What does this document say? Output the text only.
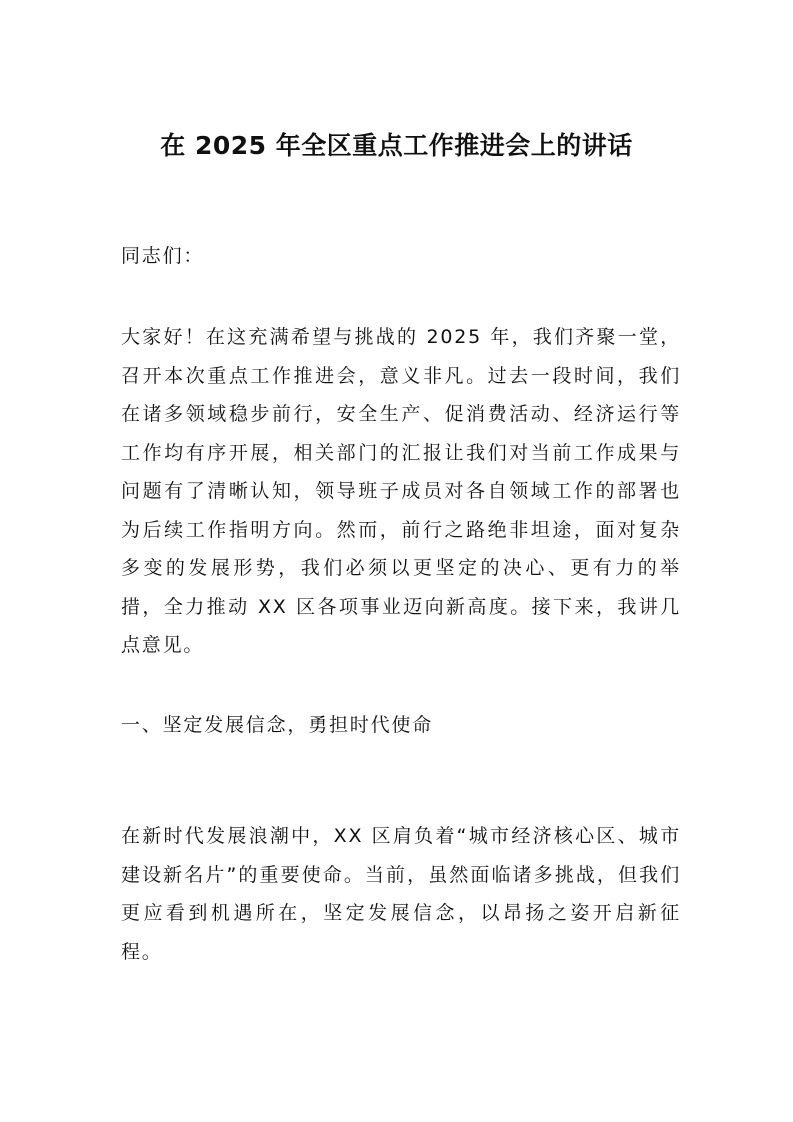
在 2025 年全区重点工作推进会上的讲话

同志们：

大家好！在这充满希望与挑战的 2025 年，我们齐聚一堂，召开本次重点工作推进会，意义非凡。过去一段时间，我们在诸多领域稳步前行，安全生产、促消费活动、经济运行等工作均有序开展，相关部门的汇报让我们对当前工作成果与问题有了清晰认知，领导班子成员对各自领域工作的部署也为后续工作指明方向。然而，前行之路绝非坦途，面对复杂多变的发展形势，我们必须以更坚定的决心、更有力的举措，全力推动 XX 区各项事业迈向新高度。接下来，我讲几点意见。

一、坚定发展信念，勇担时代使命

在新时代发展浪潮中，XX 区肩负着“城市经济核心区、城市建设新名片”的重要使命。当前，虽然面临诸多挑战，但我们更应看到机遇所在，坚定发展信念，以昂扬之姿开启新征程。
